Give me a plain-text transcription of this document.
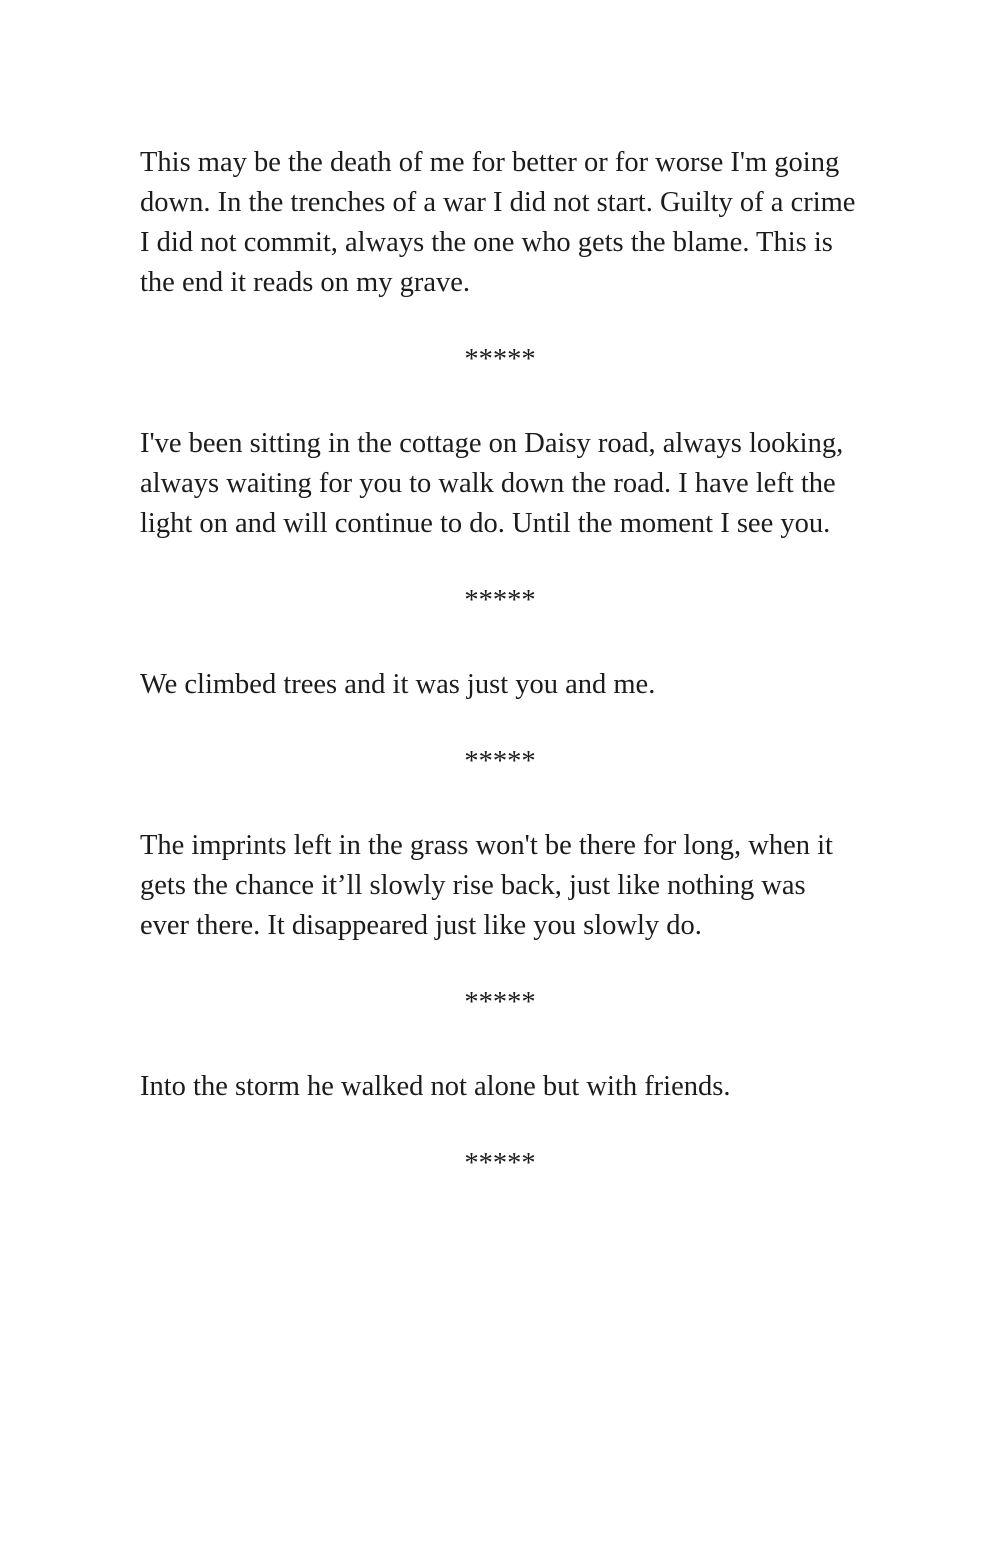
This may be the death of me for better or for worse I'm going down. In the trenches of a war I did not start. Guilty of a crime I did not commit, always the one who gets the blame. This is the end it reads on my grave.

*****

I've been sitting in the cottage on Daisy road, always looking, always waiting for you to walk down the road. I have left the light on and will continue to do. Until the moment I see you.

*****

We climbed trees and it was just you and me.

*****

The imprints left in the grass won't be there for long, when it gets the chance it’ll slowly rise back, just like nothing was ever there. It disappeared just like you slowly do.

*****

Into the storm he walked not alone but with friends.

*****
